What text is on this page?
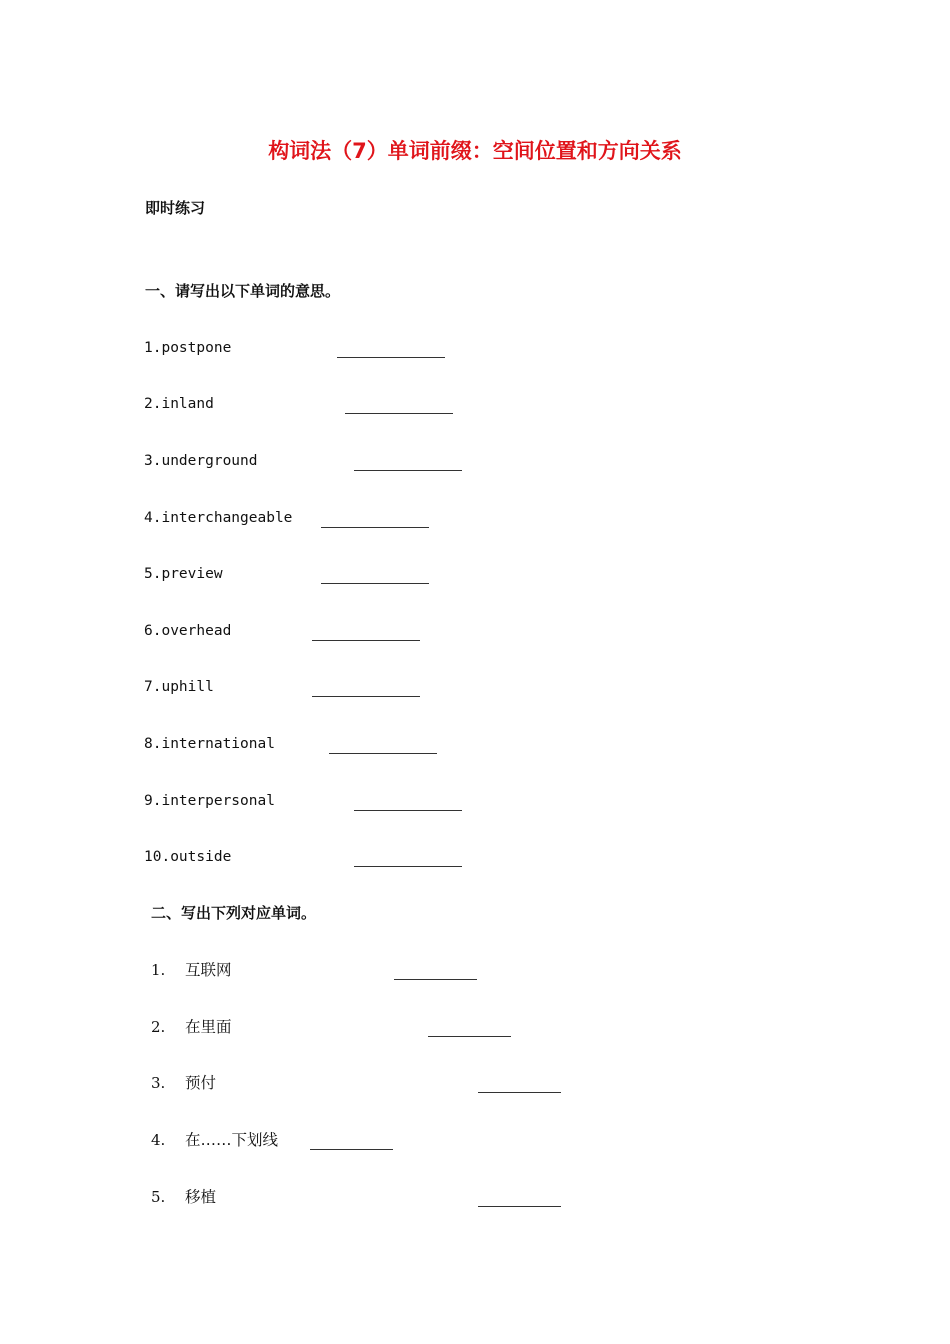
构词法（7）单词前缀：空间位置和方向关系
即时练习
一、请写出以下单词的意思。
1.postpone
2.inland
3.underground
4.interchangeable
5.preview
6.overhead
7.uphill
8.international
9.interpersonal
10.outside
二、写出下列对应单词。
1. 互联网
2. 在里面
3. 预付
4. 在……下划线
5. 移植
